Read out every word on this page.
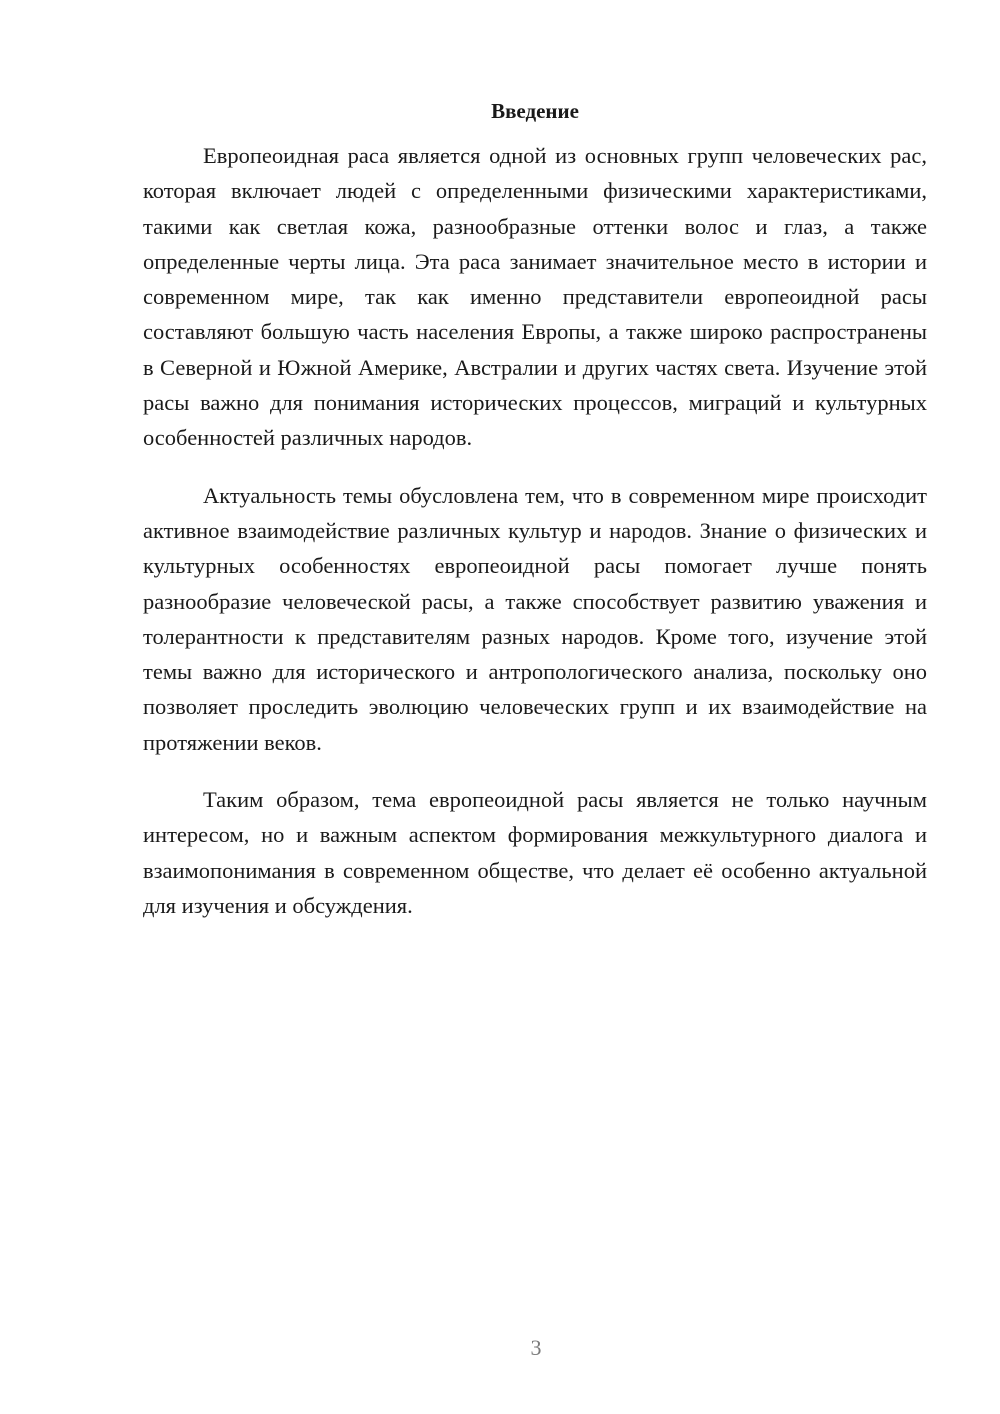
Введение

Европеоидная раса является одной из основных групп человеческих рас, которая включает людей с определенными физическими характеристиками, такими как светлая кожа, разнообразные оттенки волос и глаз, а также определенные черты лица. Эта раса занимает значительное место в истории и современном мире, так как именно представители европеоидной расы составляют большую часть населения Европы, а также широко распространены в Северной и Южной Америке, Австралии и других частях света. Изучение этой расы важно для понимания исторических процессов, миграций и культурных особенностей различных народов.

Актуальность темы обусловлена тем, что в современном мире происходит активное взаимодействие различных культур и народов. Знание о физических и культурных особенностях европеоидной расы помогает лучше понять разнообразие человеческой расы, а также способствует развитию уважения и толерантности к представителям разных народов. Кроме того, изучение этой темы важно для исторического и антропологического анализа, поскольку оно позволяет проследить эволюцию человеческих групп и их взаимодействие на протяжении веков.

Таким образом, тема европеоидной расы является не только научным интересом, но и важным аспектом формирования межкультурного диалога и взаимопонимания в современном обществе, что делает её особенно актуальной для изучения и обсуждения.

3
